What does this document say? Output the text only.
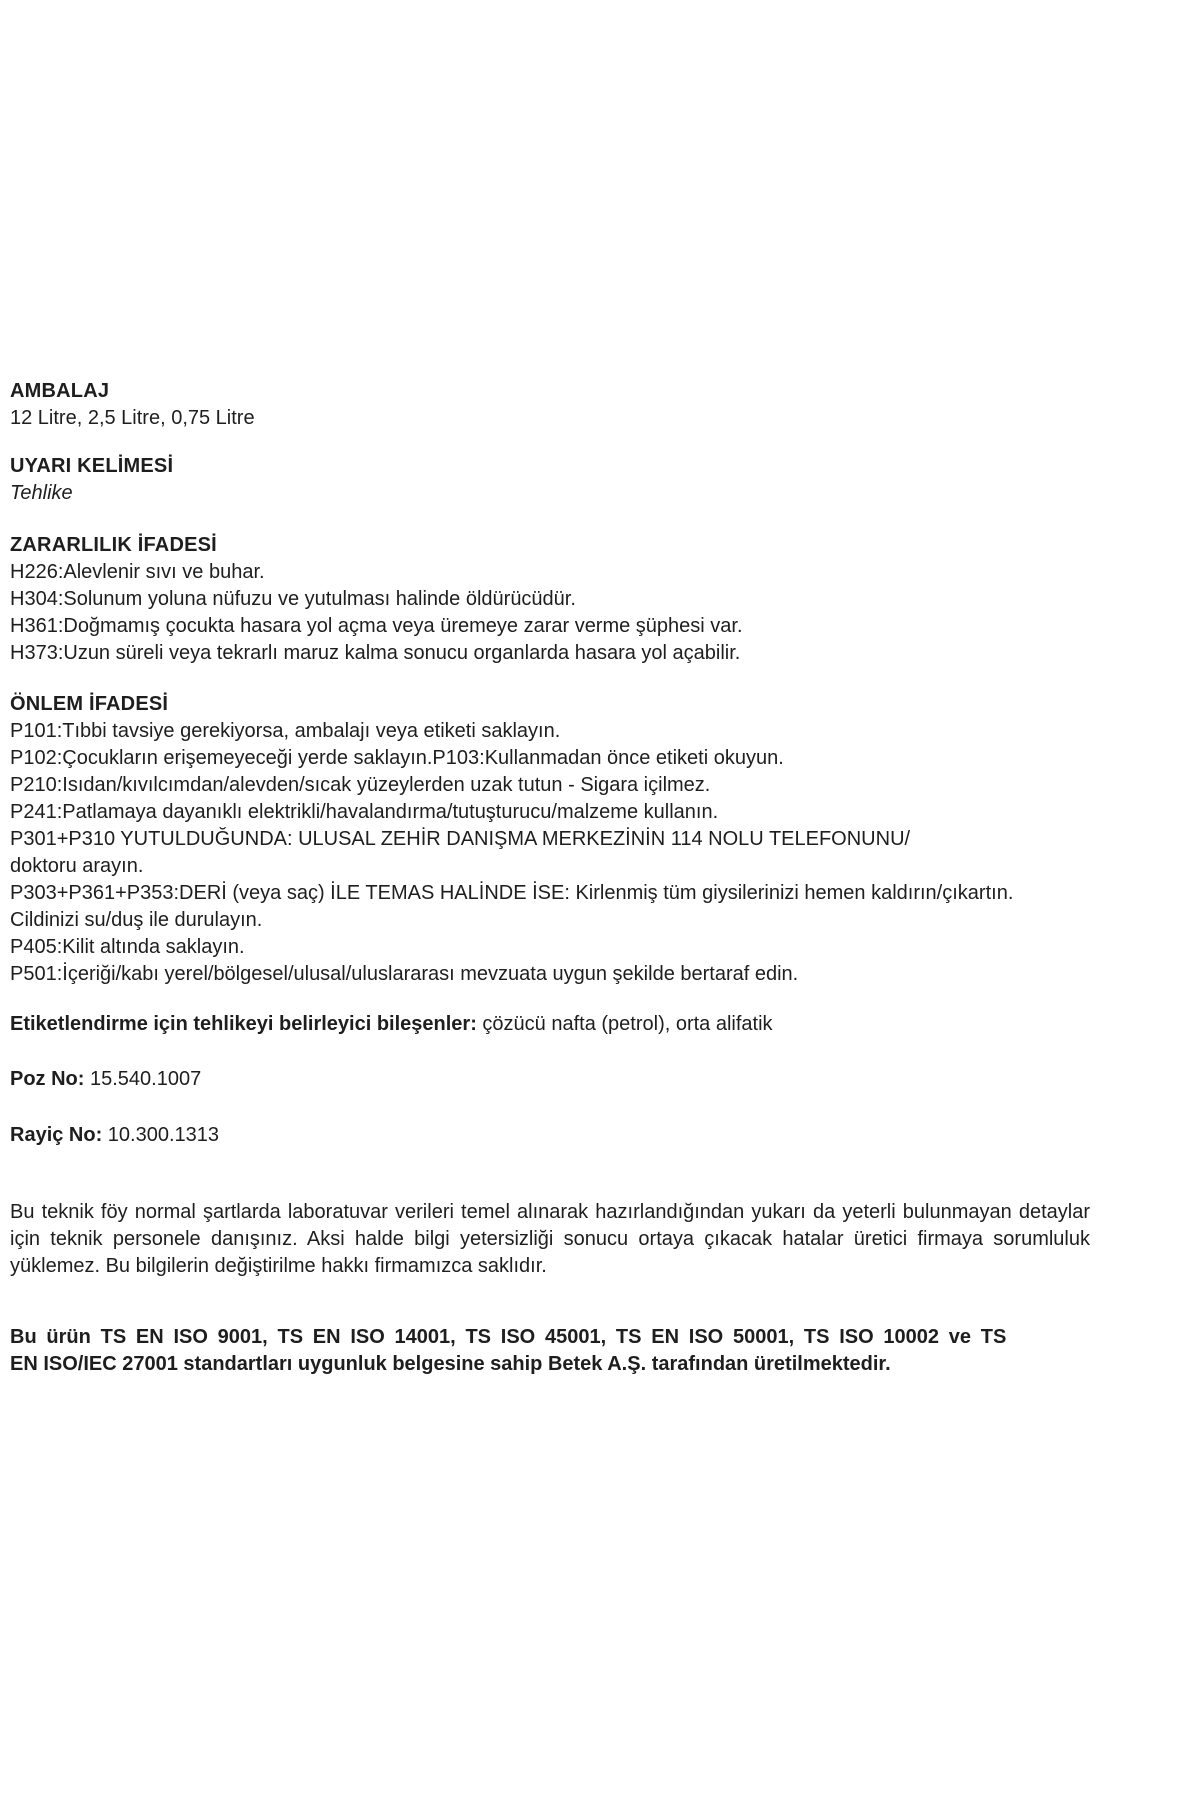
AMBALAJ
12 Litre, 2,5 Litre, 0,75 Litre
UYARI KELİMESİ
Tehlike
ZARARLILIK İFADESİ
H226:Alevlenir sıvı ve buhar.
H304:Solunum yoluna nüfuzu ve yutulması halinde öldürücüdür.
H361:Doğmamış çocukta hasara yol açma veya üremeye zarar verme şüphesi var.
H373:Uzun süreli veya tekrarlı maruz kalma sonucu organlarda hasara yol açabilir.
ÖNLEM İFADESİ
P101:Tıbbi tavsiye gerekiyorsa, ambalajı veya etiketi saklayın.
P102:Çocukların erişemeyeceği yerde saklayın.P103:Kullanmadan önce etiketi okuyun.
P210:Isıdan/kıvılcımdan/alevden/sıcak yüzeylerden uzak tutun - Sigara içilmez.
P241:Patlamaya dayanıklı elektrikli/havalandırma/tutuşturucu/malzeme kullanın.
P301+P310 YUTULDUĞUNDA: ULUSAL ZEHİR DANIŞMA MERKEZİNİN 114 NOLU TELEFONUNU/
doktoru arayın.
P303+P361+P353:DERİ (veya saç) İLE TEMAS HALİNDE İSE: Kirlenmiş tüm giysilerinizi hemen kaldırın/çıkartın.
Cildinizi su/duş ile durulayın.
P405:Kilit altında saklayın.
P501:İçeriği/kabı yerel/bölgesel/ulusal/uluslararası mevzuata uygun şekilde bertaraf edin.

Etiketlendirme için tehlikeyi belirleyici bileşenler: çözücü nafta (petrol), orta alifatik

Poz No: 15.540.1007

Rayiç No: 10.300.1313

Bu teknik föy normal şartlarda laboratuvar verileri temel alınarak hazırlandığından yukarı da yeterli bulunmayan detaylar için teknik personele danışınız. Aksi halde bilgi yetersizliği sonucu ortaya çıkacak hatalar üretici firmaya sorumluluk yüklemez. Bu bilgilerin değiştirilme hakkı firmamızca saklıdır.

Bu ürün TS EN ISO 9001, TS EN ISO 14001, TS ISO 45001, TS EN ISO 50001, TS ISO 10002 ve TS
EN ISO/IEC 27001 standartları uygunluk belgesine sahip Betek A.Ş. tarafından üretilmektedir.
